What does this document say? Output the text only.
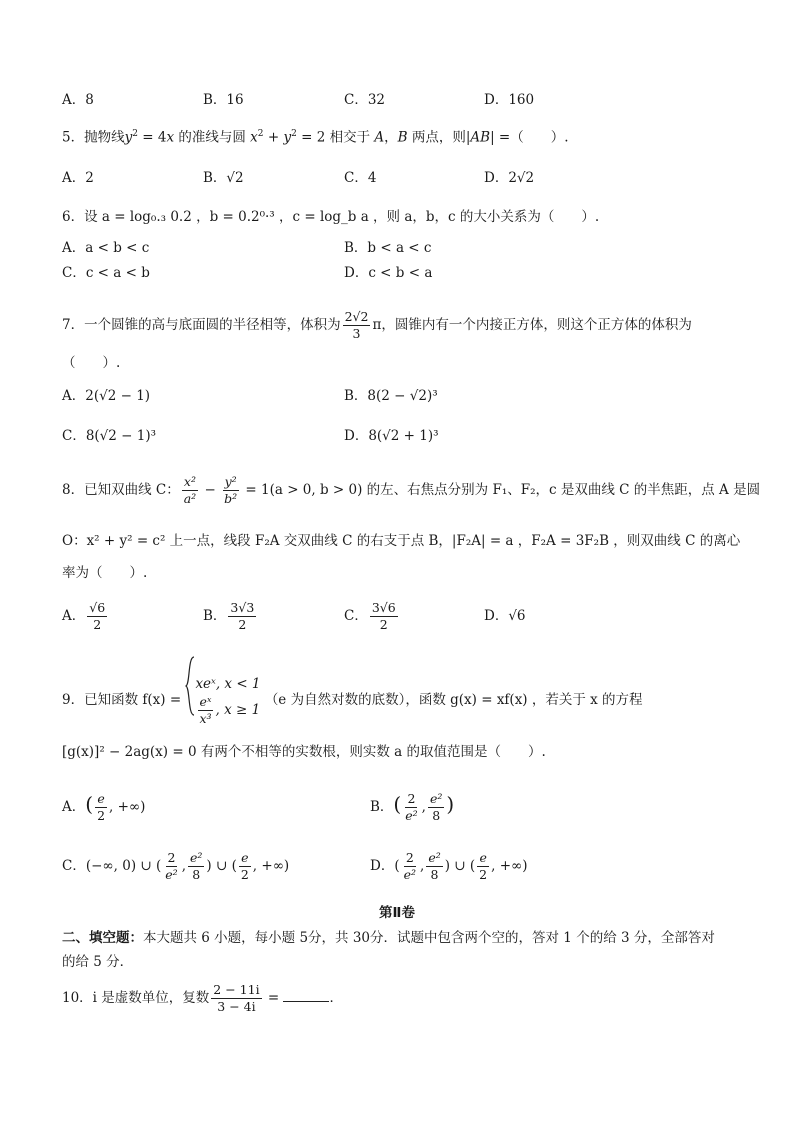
A．8	B．16	C．32	D．160
5．抛物线$y^2 = 4x$ 的准线与圆 $x^2 + y^2 = 2$ 相交于 A，B 两点，则|AB| =（　　）.
A．2	B．√2	C．4	D．2√2
6．设 a = log₀.₃ 0.2 ，b = 0.2⁰·³ ，c = log_b a ，则 a，b，c 的大小关系为（　　）.
A．a < b < c	B．b < a < c
C．c < a < b	D．c < b < a
7．一个圆锥的高与底面圆的半径相等，体积为 $\frac{2√2}{3}$ π，圆锥内有一个内接正方体，则这个正方体的体积为
（　　）.
A．2(√2 − 1)	B．8(2 − √2)³
C．8(√2 − 1)³	D．8(√2 + 1)³
8．已知双曲线 C： $\frac{\text{x²}}{\text{a²}} - \frac{\text{y²}}{\text{b²}} = 1(a > 0$, b > 0) 的左、右焦点分别为 F₁、F₂，c 是双曲线 C 的半焦距，点 A 是圆
O：x² + y² = c² 上一点，线段 F₂A 交双曲线 C 的右支于点 B，|F₂A| = a ，F₂A = 3F₂B ，则双曲线 C 的离心
率为（　　）.
A． $\frac{√6}{2}$	B． $\frac{3√3}{2}$	C． $\frac{3√6}{2}$	D．√6
9．已知函数 f(x) =
xeˣ, x < 1
$\frac{\text{eˣ}}{\text{x³}}$ , x ≥ 1
（e 为自然对数的底数），函数 g(x) = xf(x) ，若关于 x 的方程
[g(x)]² − 2ag(x) = 0 有两个不相等的实数根，则实数 a 的取值范围是（　　）.
A．( $\frac{e}{2}$ , +∞)	B．( $\frac{2}{\text{e²}}$ , $\frac{\text{e²}}{8}$ )
C．(−∞, 0) ∪ ( $\frac{2}{\text{e²}}$ , $\frac{\text{e²}}{8}$ ) ∪ ( $\frac{e}{2}$ , +∞)	D．( $\frac{2}{\text{e²}}$ , $\frac{\text{e²}}{8}$ ) ∪ ( $\frac{e}{2}$ , +∞)
第Ⅱ卷
二、填空题：本大题共 6 小题，每小题 5分，共 30分．试题中包含两个空的，答对 1 个的给 3 分，全部答对
的给 5 分．
10．i 是虚数单位，复数 $\frac{2 - 11i}{3 - 4i}$ =	．
